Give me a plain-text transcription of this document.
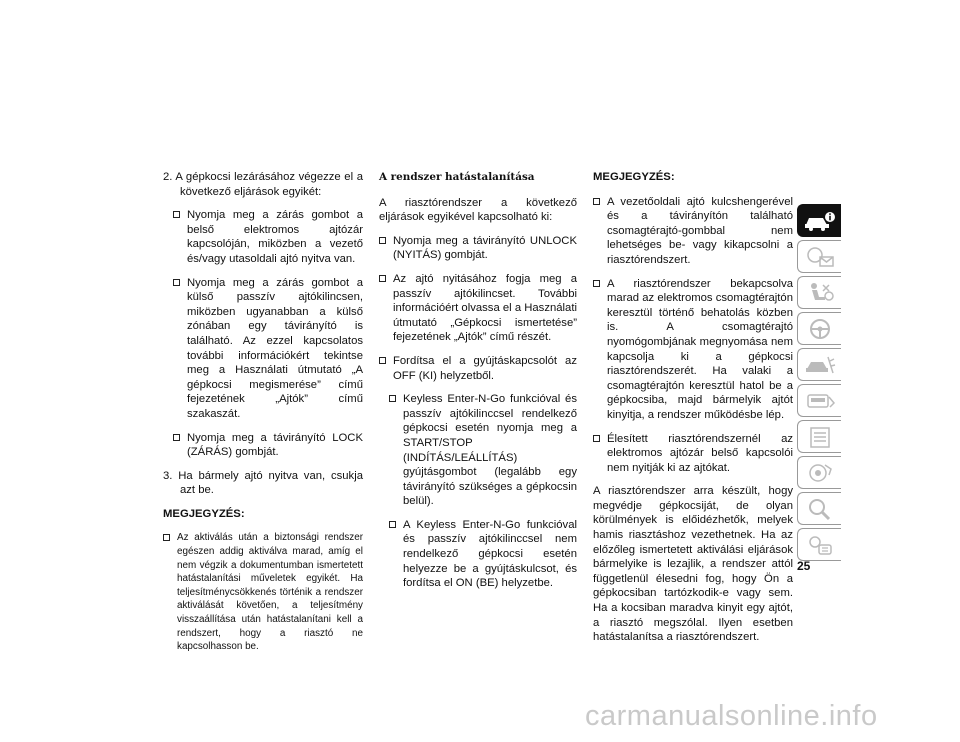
2. A gépkocsi lezárásához végezze el a következő eljárások egyikét:

Nyomja meg a zárás gombot a belső elektromos ajtózár kapcsolóján, miközben a vezető és/vagy utasoldali ajtó nyitva van.

Nyomja meg a zárás gombot a külső passzív ajtókilincsen, miközben ugyanabban a külső zónában egy távirányító is található. Az ezzel kapcsolatos további információkért tekintse meg a Használati útmutató „A gépkocsi megismerése” című fejezetének „Ajtók” című szakaszát.

Nyomja meg a távirányító LOCK (ZÁRÁS) gombját.

3. Ha bármely ajtó nyitva van, csukja azt be.

MEGJEGYZÉS:

Az aktiválás után a biztonsági rendszer egészen addig aktiválva marad, amíg el nem végzik a dokumentumban ismertetett hatástalanítási műveletek egyikét. Ha teljesítménycsökkenés történik a rendszer aktiválását követően, a teljesítmény visszaállítása után hatástalanítani kell a rendszert, hogy a riasztó ne kapcsolhasson be.

A rendszer hatástalanítása

A riasztórendszer a következő eljárások egyikével kapcsolható ki:

Nyomja meg a távirányító UNLOCK (NYITÁS) gombját.

Az ajtó nyitásához fogja meg a passzív ajtókilincset. További információért olvassa el a Használati útmutató „Gépkocsi ismertetése” fejezetének „Ajtók” című részét.

Fordítsa el a gyújtáskapcsolót az OFF (KI) helyzetből.

Keyless Enter-N-Go funkcióval és passzív ajtókilinccsel rendelkező gépkocsi esetén nyomja meg a START/STOP (INDÍTÁS/LEÁLLÍTÁS) gyújtásgombot (legalább egy távirányító szükséges a gépkocsin belül).

A Keyless Enter-N-Go funkcióval és passzív ajtókilinccsel nem rendelkező gépkocsi esetén helyezze be a gyújtáskulcsot, és fordítsa el ON (BE) helyzetbe.

MEGJEGYZÉS:

A vezetőoldali ajtó kulcshengerével és a távirányítón található csomagtérajtó-gombbal nem lehetséges be- vagy kikapcsolni a riasztórendszert.

A riasztórendszer bekapcsolva marad az elektromos csomagtérajtón keresztül történő behatolás közben is. A csomagtérajtó nyomógombjának megnyomása nem kapcsolja ki a gépkocsi riasztórendszerét. Ha valaki a csomagtérajtón keresztül hatol be a gépkocsiba, majd bármelyik ajtót kinyitja, a rendszer működésbe lép.

Élesített riasztórendszernél az elektromos ajtózár belső kapcsolói nem nyitják ki az ajtókat.

A riasztórendszer arra készült, hogy megvédje gépkocsiját, de olyan körülmények is előidézhetők, melyek hamis riasztáshoz vezethetnek. Ha az előzőleg ismertetett aktiválási eljárások bármelyike is lezajlik, a rendszer attól függetlenül élesedni fog, hogy Ön a gépkocsiban tartózkodik-e vagy sem. Ha a kocsiban maradva kinyit egy ajtót, a riasztó megszólal. Ilyen esetben hatástalanítsa a riasztórendszert.

25
carmanualsonline.info
